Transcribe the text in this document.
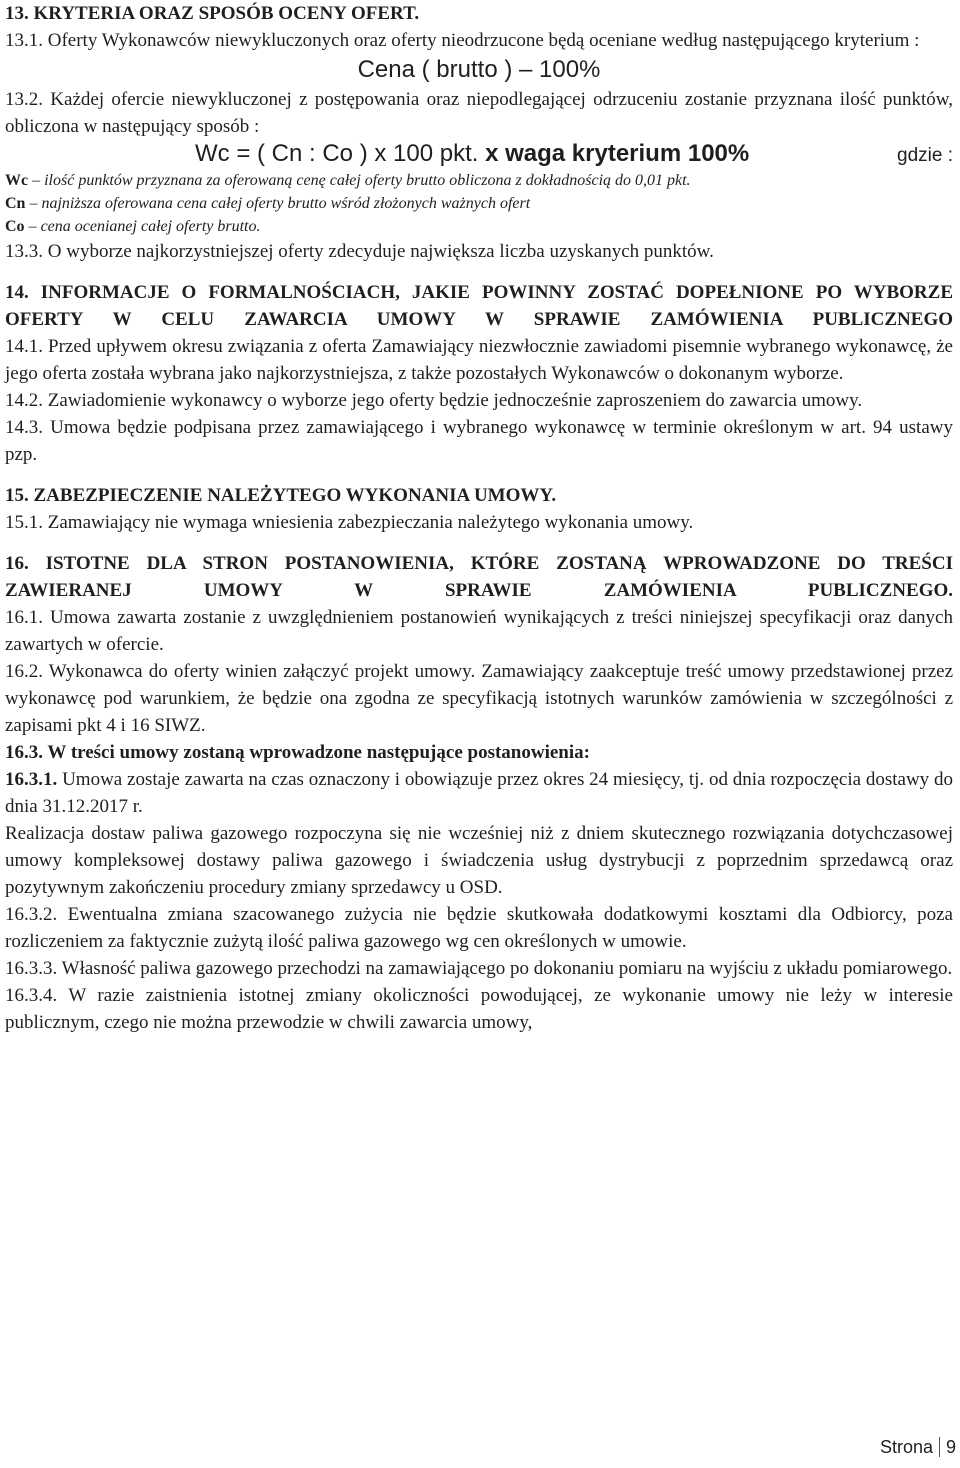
13. KRYTERIA ORAZ SPOSÓB OCENY OFERT.

13.1. Oferty Wykonawców niewykluczonych oraz oferty nieodrzucone będą oceniane według następującego kryterium :

Cena ( brutto ) – 100%

13.2. Każdej ofercie niewykluczonej z postępowania oraz niepodlegającej odrzuceniu zostanie przyznana ilość punktów, obliczona w następujący sposób :

Wc = ( Cn : Co ) x 100 pkt. x waga kryterium 100%	gdzie :

Wc – ilość punktów przyznana za oferowaną cenę całej oferty brutto obliczona z dokładnością do 0,01 pkt.

Cn – najniższa oferowana cena całej oferty brutto wśród złożonych ważnych ofert

Co – cena ocenianej całej oferty brutto.

13.3. O wyborze najkorzystniejszej oferty zdecyduje największa liczba uzyskanych punktów.

14. INFORMACJE O FORMALNOŚCIACH, JAKIE POWINNY ZOSTAĆ DOPEŁNIONE PO WYBORZE OFERTY W CELU ZAWARCIA UMOWY W SPRAWIE ZAMÓWIENIA PUBLICZNEGO

14.1. Przed upływem okresu związania z oferta Zamawiający niezwłocznie zawiadomi pisemnie wybranego wykonawcę, że jego oferta została wybrana jako najkorzystniejsza, z także pozostałych Wykonawców o dokonanym wyborze.

14.2. Zawiadomienie wykonawcy o wyborze jego oferty będzie jednocześnie zaproszeniem do zawarcia umowy.

14.3. Umowa będzie podpisana przez zamawiającego i wybranego wykonawcę w terminie określonym w art. 94 ustawy pzp.

15. ZABEZPIECZENIE NALEŻYTEGO WYKONANIA UMOWY.

15.1. Zamawiający nie wymaga wniesienia zabezpieczania należytego wykonania umowy.

16. ISTOTNE DLA STRON POSTANOWIENIA, KTÓRE ZOSTANĄ WPROWADZONE DO TREŚCI ZAWIERANEJ UMOWY W SPRAWIE ZAMÓWIENIA PUBLICZNEGO.

16.1. Umowa zawarta zostanie z uwzględnieniem postanowień wynikających z treści niniejszej specyfikacji oraz danych zawartych w ofercie.

16.2. Wykonawca do oferty winien załączyć projekt umowy. Zamawiający zaakceptuje treść umowy przedstawionej przez wykonawcę pod warunkiem, że będzie ona zgodna ze specyfikacją istotnych warunków zamówienia w szczególności z zapisami pkt 4 i 16 SIWZ.

16.3. W treści umowy zostaną wprowadzone następujące postanowienia:

16.3.1. Umowa zostaje zawarta na czas oznaczony i obowiązuje przez okres 24 miesięcy, tj. od dnia rozpoczęcia dostawy do dnia 31.12.2017 r.

Realizacja dostaw paliwa gazowego rozpoczyna się nie wcześniej niż z dniem skutecznego rozwiązania dotychczasowej umowy kompleksowej dostawy paliwa gazowego i świadczenia usług dystrybucji z poprzednim sprzedawcą oraz pozytywnym zakończeniu procedury zmiany sprzedawcy u OSD.

16.3.2. Ewentualna zmiana szacowanego zużycia nie będzie skutkowała dodatkowymi kosztami dla Odbiorcy, poza rozliczeniem za faktycznie zużytą ilość paliwa gazowego wg cen określonych w umowie.

16.3.3. Własność paliwa gazowego przechodzi na zamawiającego po dokonaniu pomiaru na wyjściu z układu pomiarowego.

16.3.4. W razie zaistnienia istotnej zmiany okoliczności powodującej, ze wykonanie umowy nie leży w interesie publicznym, czego nie można przewodzie w chwili zawarcia umowy,

Strona 9
